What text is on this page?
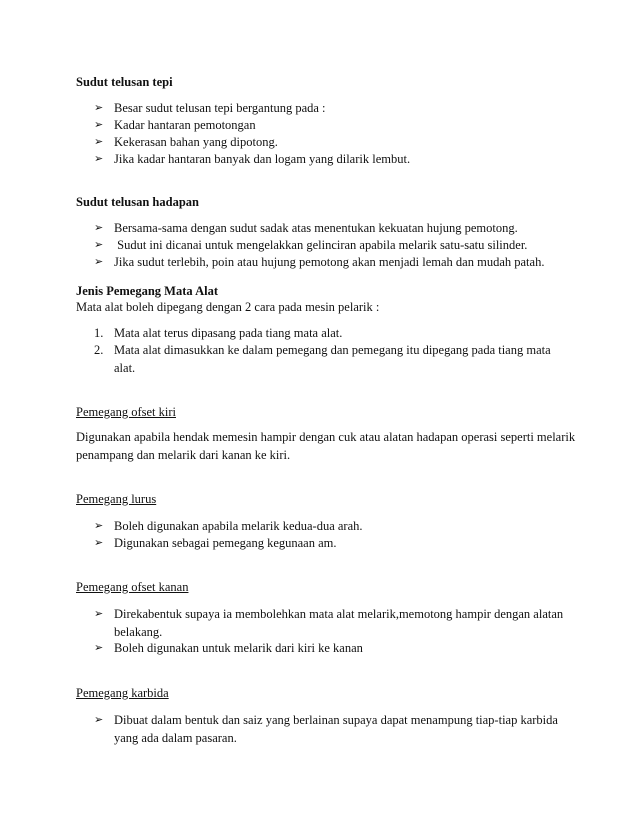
Sudut telusan tepi
➢ Besar sudut telusan tepi bergantung pada :
➢ Kadar hantaran pemotongan
➢ Kekerasan bahan yang dipotong.
➢ Jika kadar hantaran banyak dan logam yang dilarik lembut.
Sudut telusan hadapan
➢ Bersama-sama dengan sudut sadak atas menentukan kekuatan hujung pemotong.
➢ Sudut ini dicanai untuk mengelakkan gelinciran apabila melarik satu-satu silinder.
➢ Jika sudut terlebih, poin atau hujung pemotong akan menjadi lemah dan mudah patah.
Jenis Pemegang Mata Alat
Mata alat boleh dipegang dengan 2 cara pada mesin pelarik :
1. Mata alat terus dipasang pada tiang mata alat.
2. Mata alat dimasukkan ke dalam pemegang dan pemegang itu dipegang pada tiang mata alat.
Pemegang ofset kiri
Digunakan apabila hendak memesin hampir dengan cuk atau alatan hadapan operasi seperti melarik penampang dan melarik dari kanan ke kiri.
Pemegang lurus
➢ Boleh digunakan apabila melarik kedua-dua arah.
➢ Digunakan sebagai pemegang kegunaan am.
Pemegang ofset kanan
➢ Direkabentuk supaya ia membolehkan mata alat melarik,memotong hampir dengan alatan belakang.
➢ Boleh digunakan untuk melarik dari kiri ke kanan
Pemegang karbida
➢ Dibuat dalam bentuk dan saiz yang berlainan supaya dapat menampung tiap-tiap karbida yang ada dalam pasaran.
